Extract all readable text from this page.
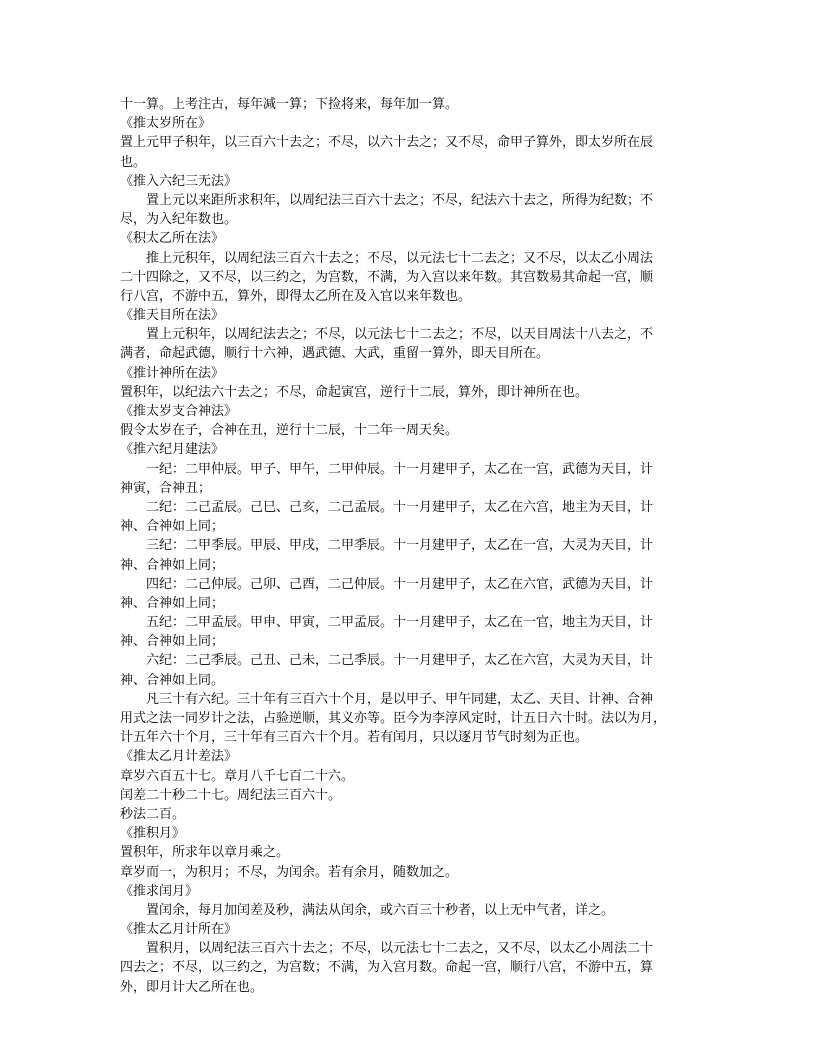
十一算。上考注古，每年减一算；下捡将来，每年加一算。
《推太岁所在》
置上元甲子积年，以三百六十去之；不尽，以六十去之；又不尽，命甲子算外，即太岁所在辰
也。
《推入六纪三无法》
置上元以来距所求积年，以周纪法三百六十去之；不尽，纪法六十去之，所得为纪数；不
尽，为入纪年数也。
《积太乙所在法》
推上元积年，以周纪法三百六十去之；不尽，以元法七十二去之；又不尽，以太乙小周法
二十四除之，又不尽，以三约之，为宫数，不满，为入宫以来年数。其宫数易其命起一宫，顺
行八宫，不游中五，算外，即得太乙所在及入官以来年数也。
《推天目所在法》
置上元积年，以周纪法去之；不尽，以元法七十二去之；不尽，以天目周法十八去之，不
满者，命起武德，顺行十六神，遇武德、大武，重留一算外，即天目所在。
《推计神所在法》
置积年，以纪法六十去之；不尽，命起寅宫，逆行十二辰，算外，即计神所在也。
《推太岁支合神法》
假令太岁在子，合神在丑，逆行十二辰，十二年一周天矣。
《推六纪月建法》
一纪：二甲仲辰。甲子、甲午，二甲仲辰。十一月建甲子，太乙在一宫，武德为天目，计
神寅，合神丑；
二纪：二己孟辰。己巳、己亥，二己孟辰。十一月建甲子，太乙在六宫，地主为天目，计
神、合神如上同；
三纪：二甲季辰。甲辰、甲戌，二甲季辰。十一月建甲子，太乙在一宫，大灵为天目，计
神、合神如上同；
四纪：二己仲辰。己卯、己酉，二己仲辰。十一月建甲子，太乙在六官，武德为天目，计
神、合神如上同；
五纪：二甲孟辰。甲申、甲寅，二甲孟辰。十一月建甲子，太乙在一官，地主为天目，计
神、合神如上同；
六纪：二己季辰。己丑、己未，二己季辰。十一月建甲子，太乙在六宫，大灵为天目，计
神、合神如上同。
凡三十有六纪。三十年有三百六十个月，是以甲子、甲午同建，太乙、天目、计神、合神
用式之法一同岁计之法，占验逆顺，其义亦等。臣今为李淳风定时，计五日六十时。法以为月，
计五年六十个月，三十年有三百六十个月。若有闰月，只以逐月节气时刻为正也。
《推太乙月计差法》
章岁六百五十七。章月八千七百二十六。
闰差二十秒二十七。周纪法三百六十。
秒法二百。
《推积月》
置积年，所求年以章月乘之。
章岁而一，为积月；不尽，为闰余。若有余月，随数加之。
《推求闰月》
置闰余，每月加闰差及秒，满法从闰余，或六百三十秒者，以上无中气者，详之。
《推太乙月计所在》
置积月，以周纪法三百六十去之；不尽，以元法七十二去之，又不尽，以太乙小周法二十
四去之；不尽，以三约之，为宫数；不满，为入宫月数。命起一宫，顺行八宫，不游中五，算
外，即月计大乙所在也。
